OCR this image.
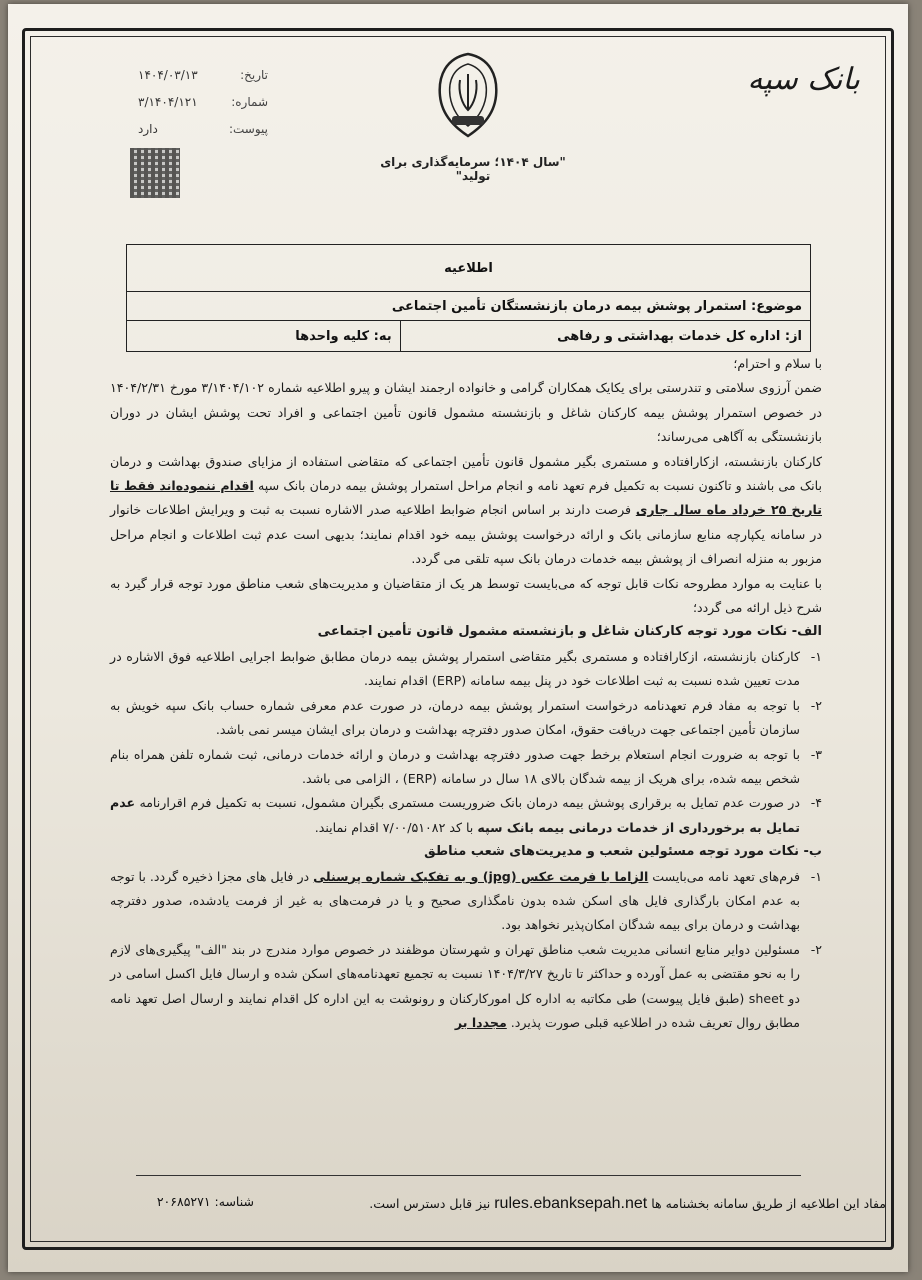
بانک سپه
تاریخ:
۱۴۰۴/۰۳/۱۳
شماره:
۳/۱۴۰۴/۱۲۱
پیوست:
دارد
"سال ۱۴۰۴؛ سرمایه‌گذاری برای تولید"
اطلاعیه
موضوع: استمرار پوشش بیمه درمان بازنشستگان تأمین اجتماعی
از: اداره کل خدمات بهداشتی و رفاهی	به: کلیه واحدها

با سلام و احترام؛

ضمن آرزوی سلامتی و تندرستی برای یکایک همکاران گرامی و خانواده ارجمند ایشان و پیرو اطلاعیه شماره ۳/۱۴۰۴/۱۰۲ مورخ ۱۴۰۴/۲/۳۱ در خصوص استمرار پوشش بیمه کارکنان شاغل و بازنشسته مشمول قانون تأمین اجتماعی و افراد تحت پوشش ایشان در دوران بازنشستگی به آگاهی می‌رساند؛

کارکنان بازنشسته، ازکارافتاده و مستمری بگیر مشمول قانون تأمین اجتماعی که متقاضی استفاده از مزایای صندوق بهداشت و درمان بانک می باشند و تاکنون نسبت به تکمیل فرم تعهد نامه و انجام مراحل استمرار پوشش بیمه درمان بانک سپه اقدام ننموده‌اند فقط تا تاریخ ۲۵ خرداد ماه سال جاری فرصت دارند بر اساس انجام ضوابط اطلاعیه صدر الاشاره نسبت به ثبت و ویرایش اطلاعات خانوار در سامانه یکپارچه منابع سازمانی بانک و ارائه درخواست پوشش بیمه خود اقدام نمایند؛ بدیهی است عدم ثبت اطلاعات و انجام مراحل مزبور به منزله انصراف از پوشش بیمه خدمات درمان بانک سپه تلقی می گردد.

با عنایت به موارد مطروحه نکات قابل توجه که می‌بایست توسط هر یک از متقاضیان و مدیریت‌های شعب مناطق مورد توجه قرار گیرد به شرح ذیل ارائه می گردد؛

الف- نکات مورد توجه کارکنان شاغل و بازنشسته مشمول قانون تأمین اجتماعی

۱-
کارکنان بازنشسته، ازکارافتاده و مستمری بگیر متقاضی استمرار پوشش بیمه درمان مطابق ضوابط اجرایی اطلاعیه فوق الاشاره در مدت تعیین شده نسبت به ثبت اطلاعات خود در پنل بیمه سامانه (ERP) اقدام نمایند.
۲-
با توجه به مفاد فرم تعهدنامه درخواست استمرار پوشش بیمه درمان، در صورت عدم معرفی شماره حساب بانک سپه خویش به سازمان تأمین اجتماعی جهت دریافت حقوق، امکان صدور دفترچه بهداشت و درمان برای ایشان میسر نمی باشد.
۳-
با توجه به ضرورت انجام استعلام برخط جهت صدور دفترچه بهداشت و درمان و ارائه خدمات درمانی، ثبت شماره تلفن همراه بنام شخص بیمه شده، برای هریک از بیمه شدگان بالای ۱۸ سال در سامانه (ERP) ، الزامی می باشد.
۴-
در صورت عدم تمایل به برقراری پوشش بیمه درمان بانک ضروریست مستمری بگیران مشمول، نسبت به تکمیل فرم اقرارنامه عدم تمایل به برخورداری از خدمات درمانی بیمه بانک سپه با کد ۷/۰۰/۵۱۰۸۲ اقدام نمایند.

ب- نکات مورد توجه مسئولین شعب و مدیریت‌های شعب مناطق

۱-
فرم‌های تعهد نامه می‌بایست الزاما با فرمت عکس (jpg) و به تفکیک شماره پرسنلی در فایل های مجزا ذخیره گردد. با توجه به عدم امکان بارگذاری فایل های اسکن شده بدون نامگذاری صحیح و یا در فرمت‌های به غیر از فرمت یادشده، صدور دفترچه بهداشت و درمان برای بیمه شدگان امکان‌پذیر نخواهد بود.
۲-
مسئولین دوایر منابع انسانی مدیریت شعب مناطق تهران و شهرستان موظفند در خصوص موارد مندرج در بند "الف" پیگیری‌های لازم را به نحو مقتضی به عمل آورده و حداکثر تا تاریخ ۱۴۰۴/۳/۲۷ نسبت به تجمیع تعهدنامه‌های اسکن شده و ارسال فایل اکسل اسامی در دو sheet (طبق فایل پیوست) طی مکاتبه به اداره کل امورکارکنان و رونوشت به این اداره کل اقدام نمایند و ارسال اصل تعهد نامه مطابق روال تعریف شده در اطلاعیه قبلی صورت پذیرد. مجددا بر
مفاد این اطلاعیه از طریق سامانه بخشنامه ها rules.ebanksepah.net نیز قابل دسترس است.
شناسه: ۲۰۶۸۵۲۷۱
